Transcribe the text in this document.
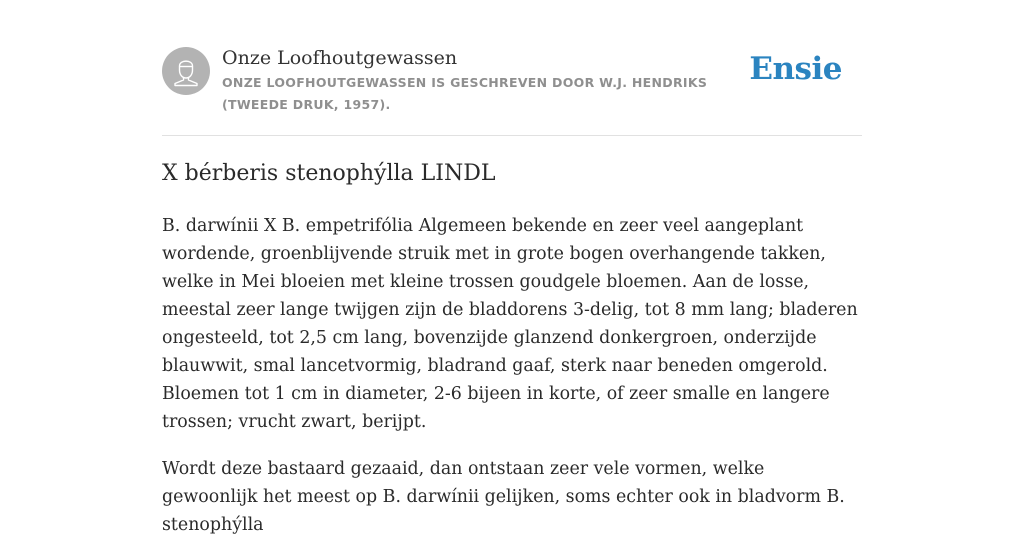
Onze Loofhoutgewassen
ONZE LOOFHOUTGEWASSEN IS GESCHREVEN DOOR W.J. HENDRIKS (TWEEDE DRUK, 1957).
Ensie
X bérberis stenophýlla LINDL

B. darwínii X B. empetrifólia Algemeen bekende en zeer veel aangeplant wordende, groenblijvende struik met in grote bogen overhangende takken, welke in Mei bloeien met kleine trossen goudgele bloemen. Aan de losse, meestal zeer lange twijgen zijn de bladdorens 3-delig, tot 8 mm lang; bladeren ongesteeld, tot 2,5 cm lang, bovenzijde glanzend donkergroen, onderzijde blauwwit, smal lancetvormig, bladrand gaaf, sterk naar beneden omgerold. Bloemen tot 1 cm in diameter, 2-6 bijeen in korte, of zeer smalle en langere trossen; vrucht zwart, berijpt.

Wordt deze bastaard gezaaid, dan ontstaan zeer vele vormen, welke gewoonlijk het meest op B. darwínii gelijken, soms echter ook in bladvorm B. stenophýlla
